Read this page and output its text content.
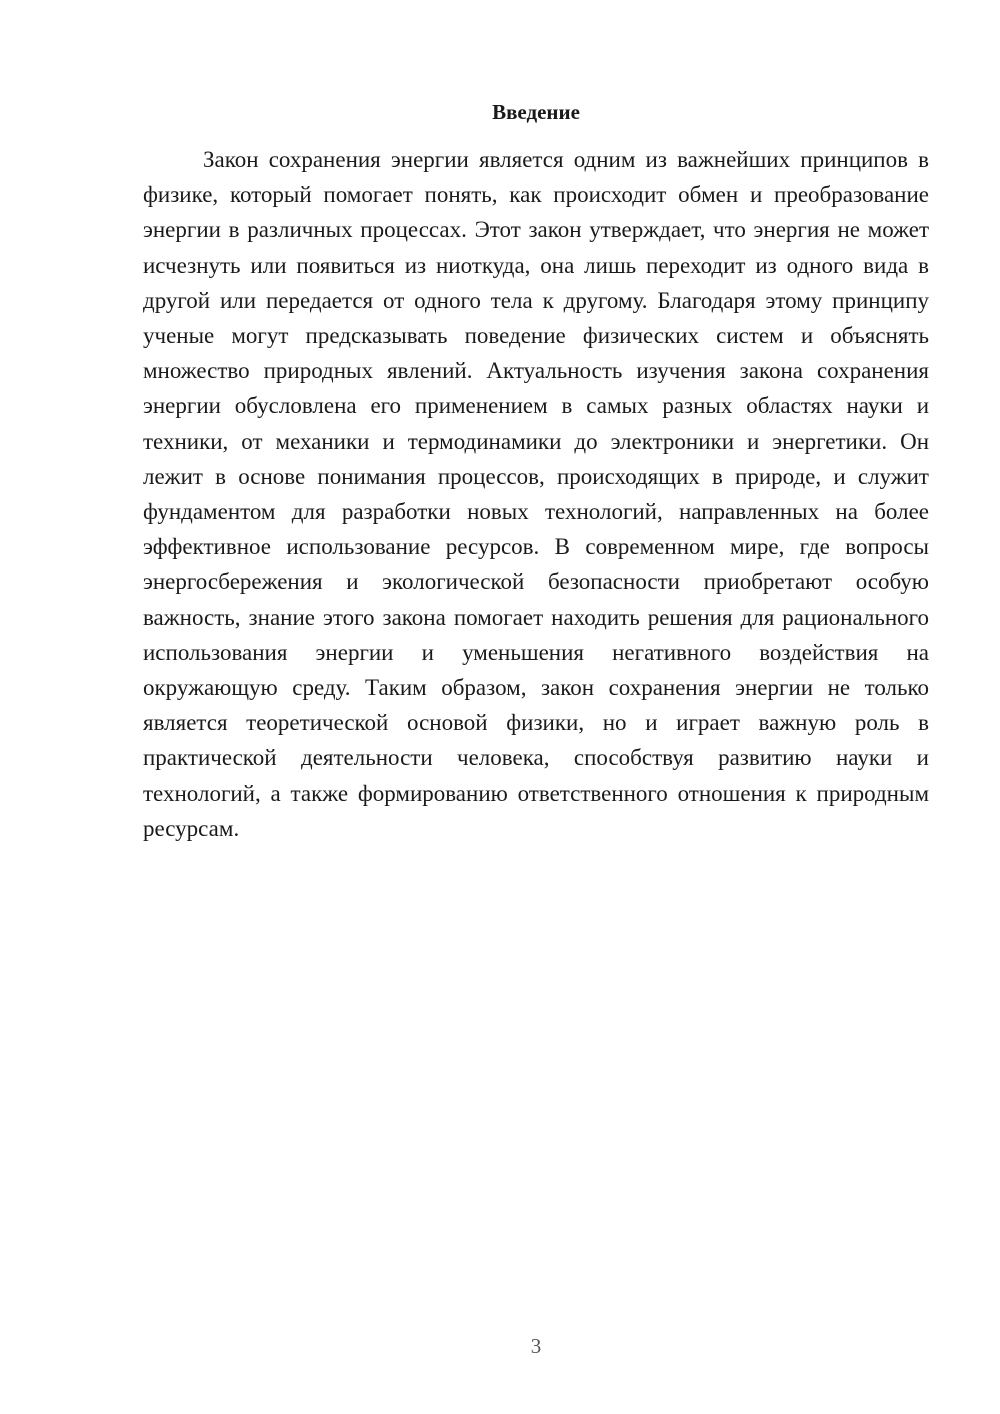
Введение

Закон сохранения энергии является одним из важнейших принципов в физике, который помогает понять, как происходит обмен и преобразование энергии в различных процессах. Этот закон утверждает, что энергия не может исчезнуть или появиться из ниоткуда, она лишь переходит из одного вида в другой или передается от одного тела к другому. Благодаря этому принципу ученые могут предсказывать поведение физических систем и объяснять множество природных явлений. Актуальность изучения закона сохранения энергии обусловлена его применением в самых разных областях науки и техники, от механики и термодинамики до электроники и энергетики. Он лежит в основе понимания процессов, происходящих в природе, и служит фундаментом для разработки новых технологий, направленных на более эффективное использование ресурсов. В современном мире, где вопросы энергосбережения и экологической безопасности приобретают особую важность, знание этого закона помогает находить решения для рационального использования энергии и уменьшения негативного воздействия на окружающую среду. Таким образом, закон сохранения энергии не только является теоретической основой физики, но и играет важную роль в практической деятельности человека, способствуя развитию науки и технологий, а также формированию ответственного отношения к природным ресурсам.

3
